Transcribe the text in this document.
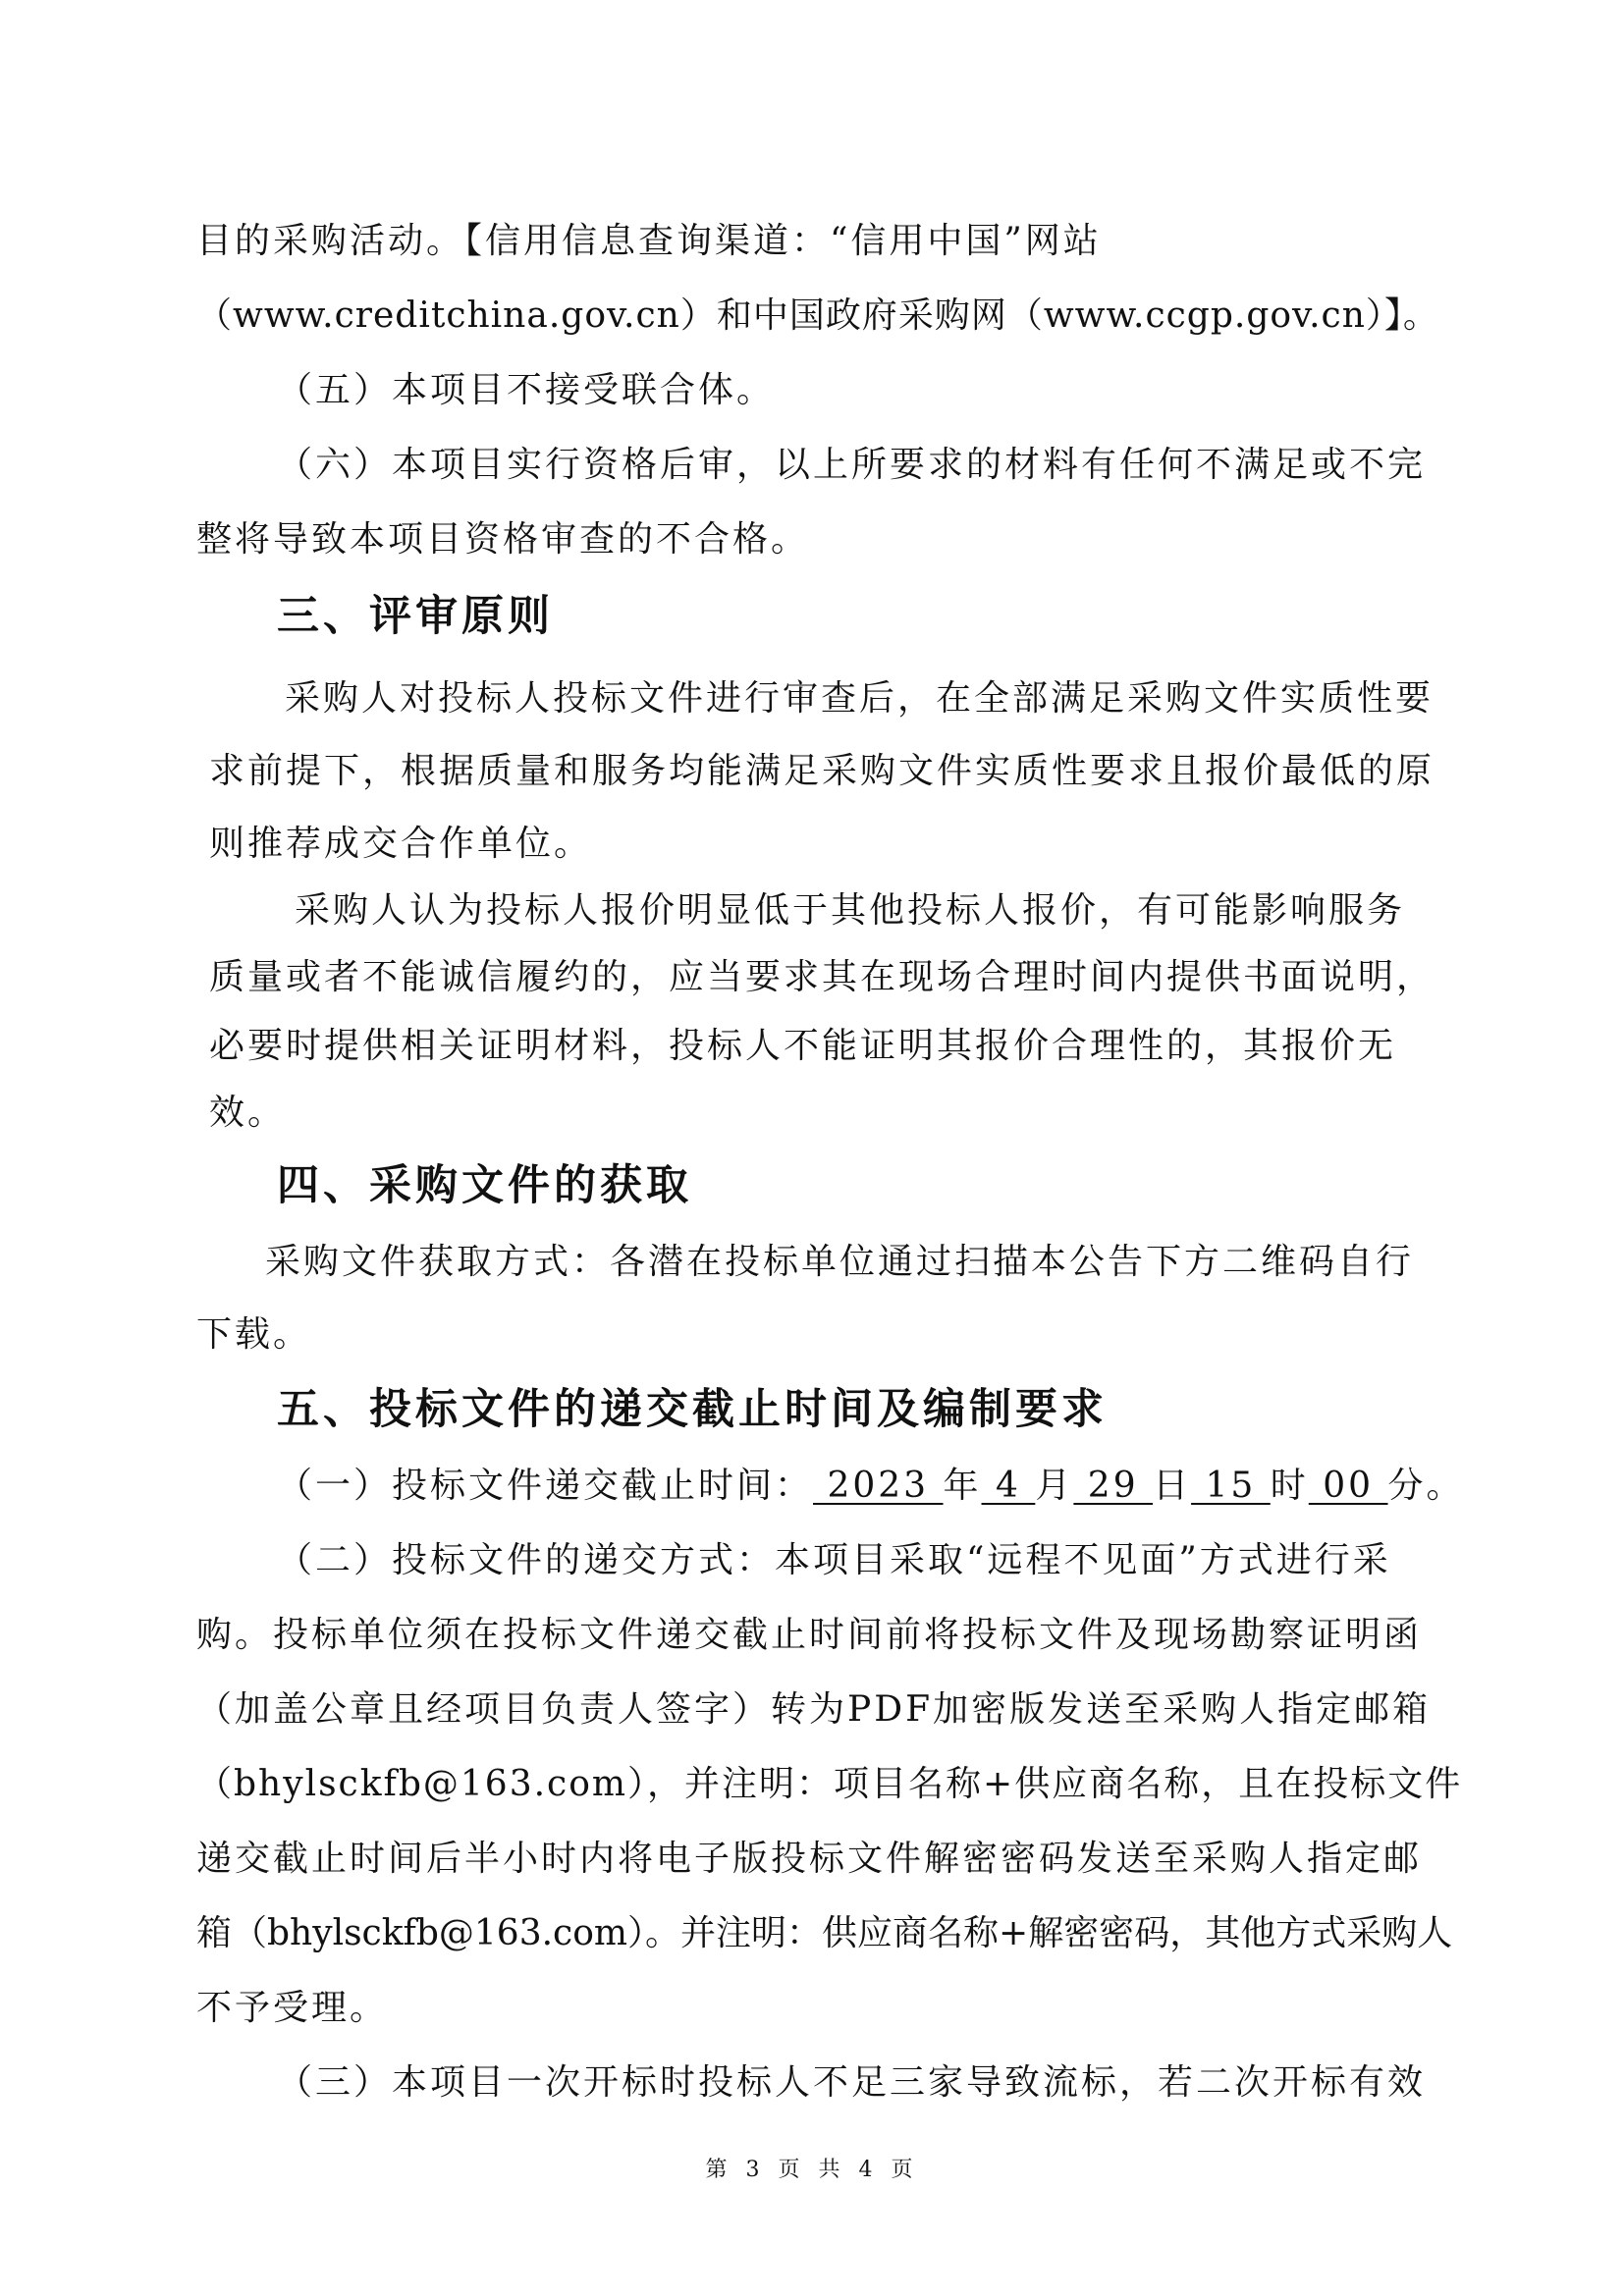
目的采购活动。【信用信息查询渠道：“信用中国”网站

（www.creditchina.gov.cn）和中国政府采购网（www.ccgp.gov.cn）】。

（五）本项目不接受联合体。

（六）本项目实行资格后审，以上所要求的材料有任何不满足或不完

整将导致本项目资格审查的不合格。

三、评审原则

采购人对投标人投标文件进行审查后，在全部满足采购文件实质性要

求前提下，根据质量和服务均能满足采购文件实质性要求且报价最低的原

则推荐成交合作单位。

采购人认为投标人报价明显低于其他投标人报价，有可能影响服务

质量或者不能诚信履约的，应当要求其在现场合理时间内提供书面说明，

必要时提供相关证明材料，投标人不能证明其报价合理性的，其报价无

效。

四、采购文件的获取

采购文件获取方式：各潜在投标单位通过扫描本公告下方二维码自行

下载。

五、投标文件的递交截止时间及编制要求

（一）投标文件递交截止时间： 2023 年 4 月 29 日 15 时 00 分。

（二）投标文件的递交方式：本项目采取“远程不见面”方式进行采

购。投标单位须在投标文件递交截止时间前将投标文件及现场勘察证明函

（加盖公章且经项目负责人签字）转为PDF加密版发送至采购人指定邮箱

（bhylsckfb@163.com），并注明：项目名称+供应商名称，且在投标文件

递交截止时间后半小时内将电子版投标文件解密密码发送至采购人指定邮

箱（bhylsckfb@163.com）。并注明：供应商名称+解密密码，其他方式采购人

不予受理。

（三）本项目一次开标时投标人不足三家导致流标，若二次开标有效

第 3 页 共 4 页
